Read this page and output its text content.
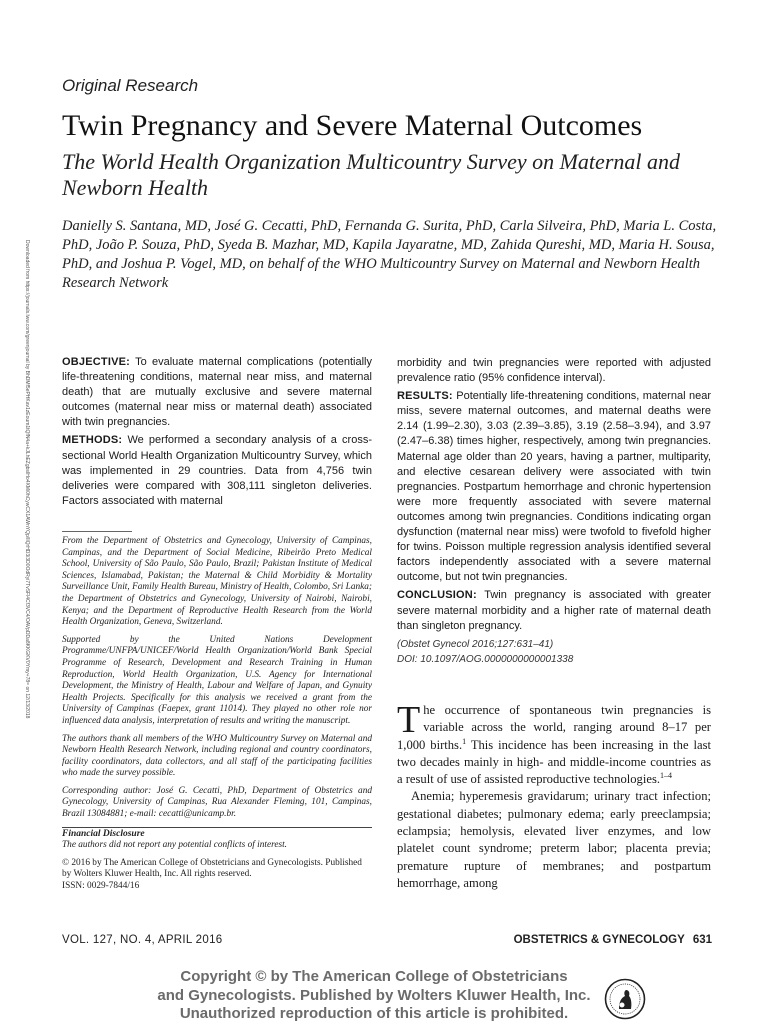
Downloaded from https://journals.lww.com/greenjournal by BhDMf5ePHKav1zEoum1tQfN4a+kJLhEZgbsIHo4XMi0hCywCX1AWnYQp/IlQrHD3i3D0OdRyi7TvSFl4Cf3VC4/OAVpDDa8KKGKV0Ymy+78= on 12/13/2018
Original Research
Twin Pregnancy and Severe Maternal Outcomes
The World Health Organization Multicountry Survey on Maternal and Newborn Health
Danielly S. Santana, MD, José G. Cecatti, PhD, Fernanda G. Surita, PhD, Carla Silveira, PhD, Maria L. Costa, PhD, João P. Souza, PhD, Syeda B. Mazhar, MD, Kapila Jayaratne, MD, Zahida Qureshi, MD, Maria H. Sousa, PhD, and Joshua P. Vogel, MD, on behalf of the WHO Multicountry Survey on Maternal and Newborn Health Research Network

OBJECTIVE: To evaluate maternal complications (potentially life-threatening conditions, maternal near miss, and maternal death) that are mutually exclusive and severe maternal outcomes (maternal near miss or maternal death) associated with twin pregnancies.

METHODS: We performed a secondary analysis of a cross-sectional World Health Organization Multicountry Survey, which was implemented in 29 countries. Data from 4,756 twin deliveries were compared with 308,111 singleton deliveries. Factors associated with maternal

morbidity and twin pregnancies were reported with adjusted prevalence ratio (95% confidence interval).

RESULTS: Potentially life-threatening conditions, maternal near miss, severe maternal outcomes, and maternal deaths were 2.14 (1.99–2.30), 3.03 (2.39–3.85), 3.19 (2.58–3.94), and 3.97 (2.47–6.38) times higher, respectively, among twin pregnancies. Maternal age older than 20 years, having a partner, multiparity, and elective cesarean delivery were associated with twin pregnancies. Postpartum hemorrhage and chronic hypertension were more frequently associated with severe maternal outcomes among twin pregnancies. Conditions indicating organ dysfunction (maternal near miss) were twofold to fivefold higher for twins. Poisson multiple regression analysis identified several factors independently associated with a severe maternal outcome, but not twin pregnancies.

CONCLUSION: Twin pregnancy is associated with greater severe maternal morbidity and a higher rate of maternal death than singleton pregnancy.

(Obstet Gynecol 2016;127:631–41)
DOI: 10.1097/AOG.0000000000001338

From the Department of Obstetrics and Gynecology, University of Campinas, Campinas, and the Department of Social Medicine, Ribeirão Preto Medical School, University of São Paulo, São Paulo, Brazil; Pakistan Institute of Medical Sciences, Islamabad, Pakistan; the Maternal & Child Morbidity & Mortality Surveillance Unit, Family Health Bureau, Ministry of Health, Colombo, Sri Lanka; the Department of Obstetrics and Gynecology, University of Nairobi, Nairobi, Kenya; and the Department of Reproductive Health Research from the World Health Organization, Geneva, Switzerland.

Supported by the United Nations Development Programme/UNFPA/UNICEF/World Health Organization/World Bank Special Programme of Research, Development and Research Training in Human Reproduction, World Health Organization, U.S. Agency for International Development, the Ministry of Health, Labour and Welfare of Japan, and Gynuity Health Projects. Specifically for this analysis we received a grant from the University of Campinas (Faepex, grant 11014). They played no other role nor influenced data analysis, interpretation of results and writing the manuscript.

The authors thank all members of the WHO Multicountry Survey on Maternal and Newborn Health Research Network, including regional and country coordinators, facility coordinators, data collectors, and all staff of the participating facilities who made the survey possible.

Corresponding author: José G. Cecatti, PhD, Department of Obstetrics and Gynecology, University of Campinas, Rua Alexander Fleming, 101, Campinas, Brazil 13084881; e-mail: cecatti@unicamp.br.

Financial Disclosure

The authors did not report any potential conflicts of interest.

© 2016 by The American College of Obstetricians and Gynecologists. Published by Wolters Kluwer Health, Inc. All rights reserved.

ISSN: 0029-7844/16

The occurrence of spontaneous twin pregnancies is variable across the world, ranging around 8–17 per 1,000 births.$^1$ This incidence has been increasing in the last two decades mainly in high- and middle-income countries as a result of use of assisted reproductive technologies.$^{1-4}$

Anemia; hyperemesis gravidarum; urinary tract infection; gestational diabetes; pulmonary edema; early preeclampsia; eclampsia; hemolysis, elevated liver enzymes, and low platelet count syndrome; preterm labor; placenta previa; premature rupture of membranes; and postpartum hemorrhage, among

VOL. 127, NO. 4, APRIL 2016	OBSTETRICS & GYNECOLOGY 631
Copyright © by The American College of Obstetricians
and Gynecologists. Published by Wolters Kluwer Health, Inc.
Unauthorized reproduction of this article is prohibited.
